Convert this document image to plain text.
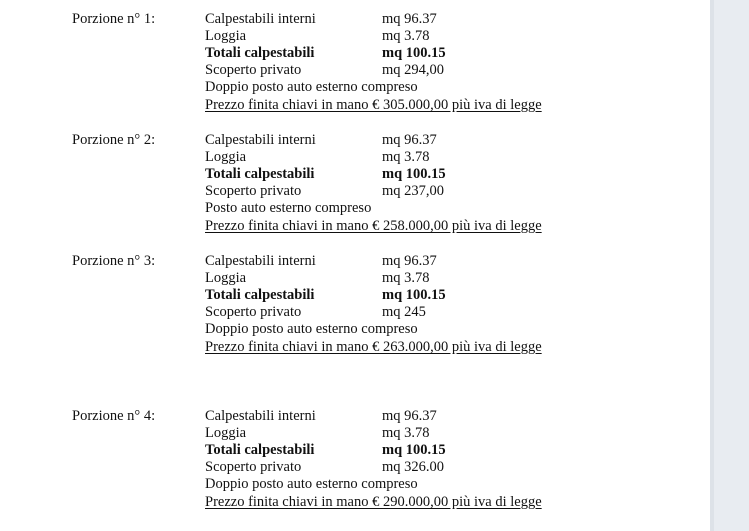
Porzione n° 1:	Calpestabili interni	mq 96.37
Loggia	mq 3.78
Totali calpestabili	mq 100.15
Scoperto privato	mq 294,00
Doppio posto auto esterno compreso
Prezzo finita chiavi in mano € 305.000,00 più iva di legge
Porzione n° 2:	Calpestabili interni	mq 96.37
Loggia	mq 3.78
Totali calpestabili	mq 100.15
Scoperto privato	mq 237,00
Posto auto esterno compreso
Prezzo finita chiavi in mano € 258.000,00 più iva di legge
Porzione n° 3:	Calpestabili interni	mq 96.37
Loggia	mq 3.78
Totali calpestabili	mq 100.15
Scoperto privato	mq 245
Doppio posto auto esterno compreso
Prezzo finita chiavi in mano € 263.000,00 più iva di legge
Porzione n° 4:	Calpestabili interni	mq 96.37
Loggia	mq 3.78
Totali calpestabili	mq 100.15
Scoperto privato	mq 326.00
Doppio posto auto esterno compreso
Prezzo finita chiavi in mano € 290.000,00 più iva di legge
